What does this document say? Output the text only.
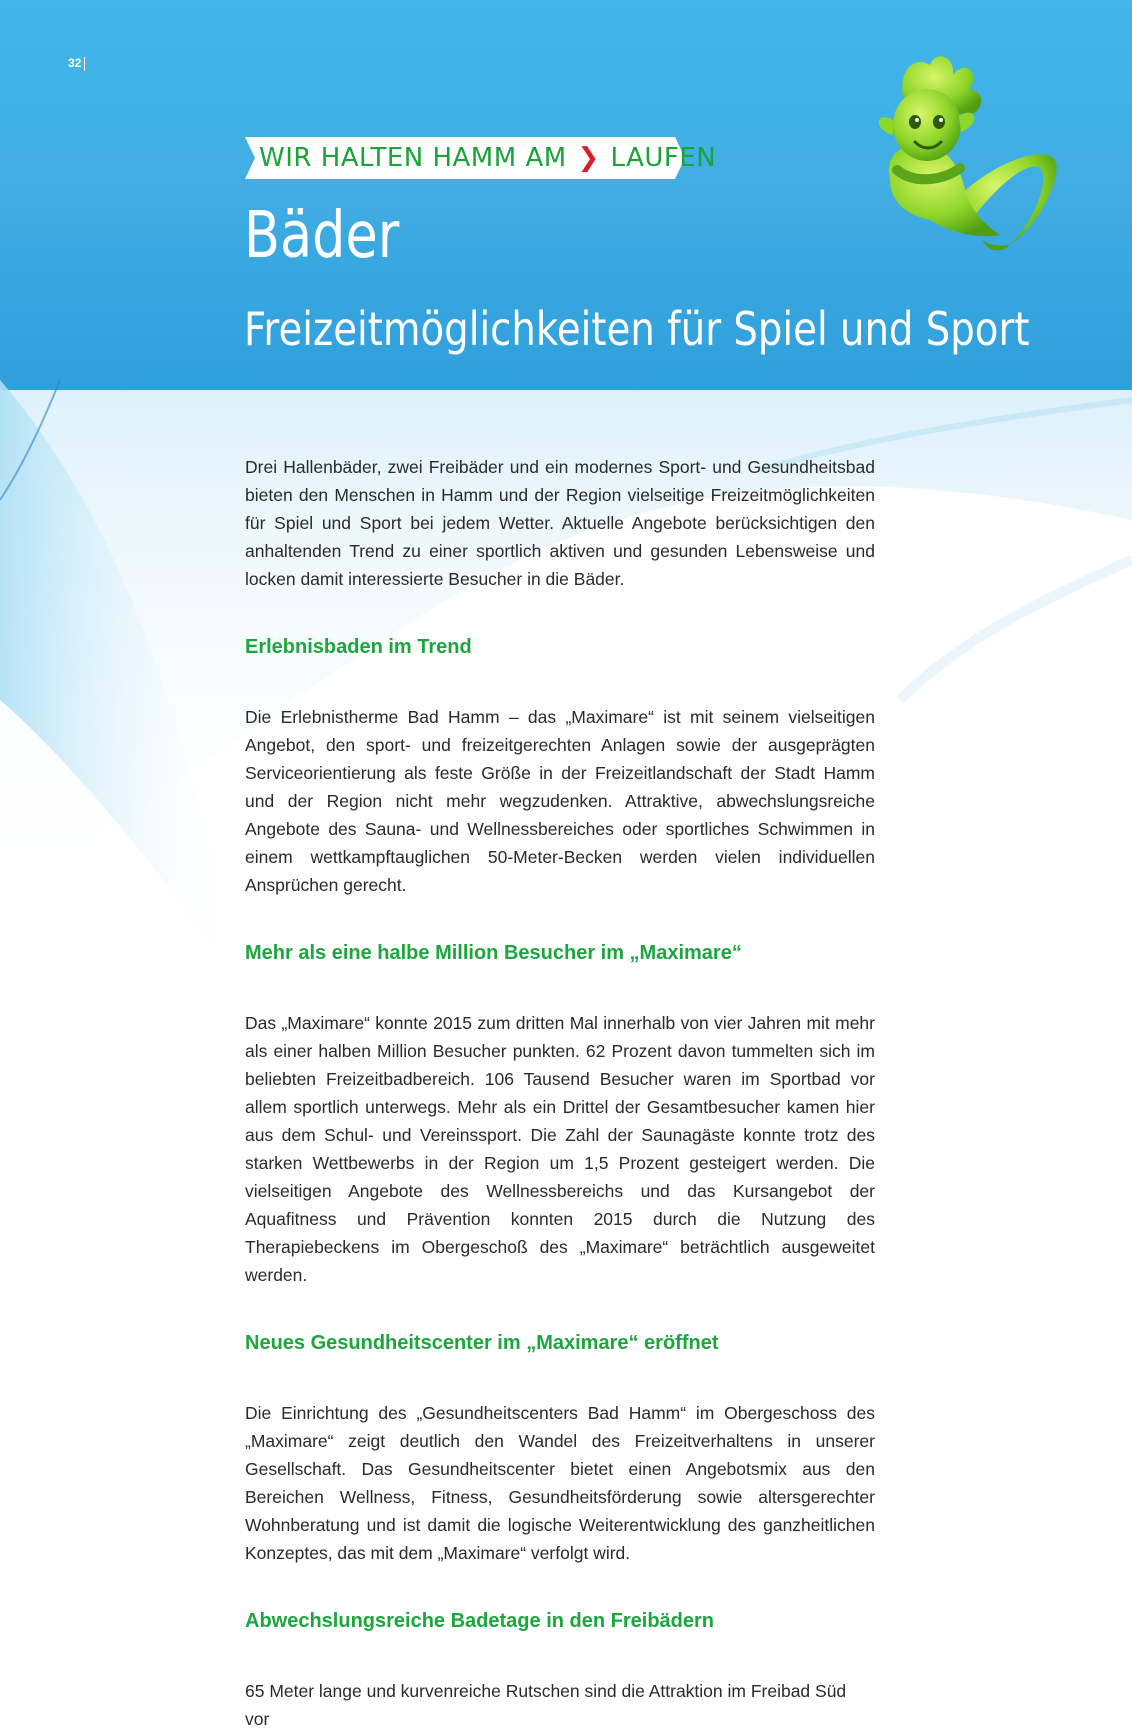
32
WIR HALTEN HAMM AM ❯ LAUFEN
Bäder
Freizeitmöglichkeiten für Spiel und Sport

Drei Hallenbäder, zwei Freibäder und ein modernes Sport- und Gesundheitsbad bieten den Menschen in Hamm und der Region vielseitige Freizeitmöglichkeiten für Spiel und Sport bei jedem Wetter. Aktuelle Angebote berücksichtigen den anhaltenden Trend zu einer sportlich aktiven und gesunden Lebensweise und locken damit interessierte Besucher in die Bäder.

Erlebnisbaden im Trend

Die Erlebnistherme Bad Hamm – das „Maximare“ ist mit seinem vielseitigen Angebot, den sport- und freizeitgerechten Anlagen sowie der ausgeprägten Serviceorientierung als feste Größe in der Freizeitlandschaft der Stadt Hamm und der Region nicht mehr wegzudenken. Attraktive, abwechslungsreiche Angebote des Sauna- und Wellnessbereiches oder sportliches Schwimmen in einem wettkampftauglichen 50-Meter-Becken werden vielen individuellen Ansprüchen gerecht.

Mehr als eine halbe Million Besucher im „Maximare“

Das „Maximare“ konnte 2015 zum dritten Mal innerhalb von vier Jahren mit mehr als einer halben Million Besucher punkten. 62 Prozent davon tummelten sich im beliebten Freizeitbadbereich. 106 Tausend Besucher waren im Sportbad vor allem sportlich unterwegs. Mehr als ein Drittel der Gesamtbesucher kamen hier aus dem Schul- und Vereinssport. Die Zahl der Saunagäste konnte trotz des starken Wettbewerbs in der Region um 1,5 Prozent gesteigert werden. Die vielseitigen Angebote des Wellnessbereichs und das Kursangebot der Aquafitness und Prävention konnten 2015 durch die Nutzung des Therapiebeckens im Obergeschoß des „Maximare“ beträchtlich ausgeweitet werden.

Neues Gesundheitscenter im „Maximare“ eröffnet

Die Einrichtung des „Gesundheitscenters Bad Hamm“ im Obergeschoss des „Maximare“ zeigt deutlich den Wandel des Freizeitverhaltens in unserer Gesellschaft. Das Gesundheitscenter bietet einen Angebotsmix aus den Bereichen Wellness, Fitness, Gesundheitsförderung sowie altersgerechter Wohnberatung und ist damit die logische Weiterentwicklung des ganzheitlichen Konzeptes, das mit dem „Maximare“ verfolgt wird.

Abwechslungsreiche Badetage in den Freibädern

65 Meter lange und kurvenreiche Rutschen sind die Attraktion im Freibad Süd vor
